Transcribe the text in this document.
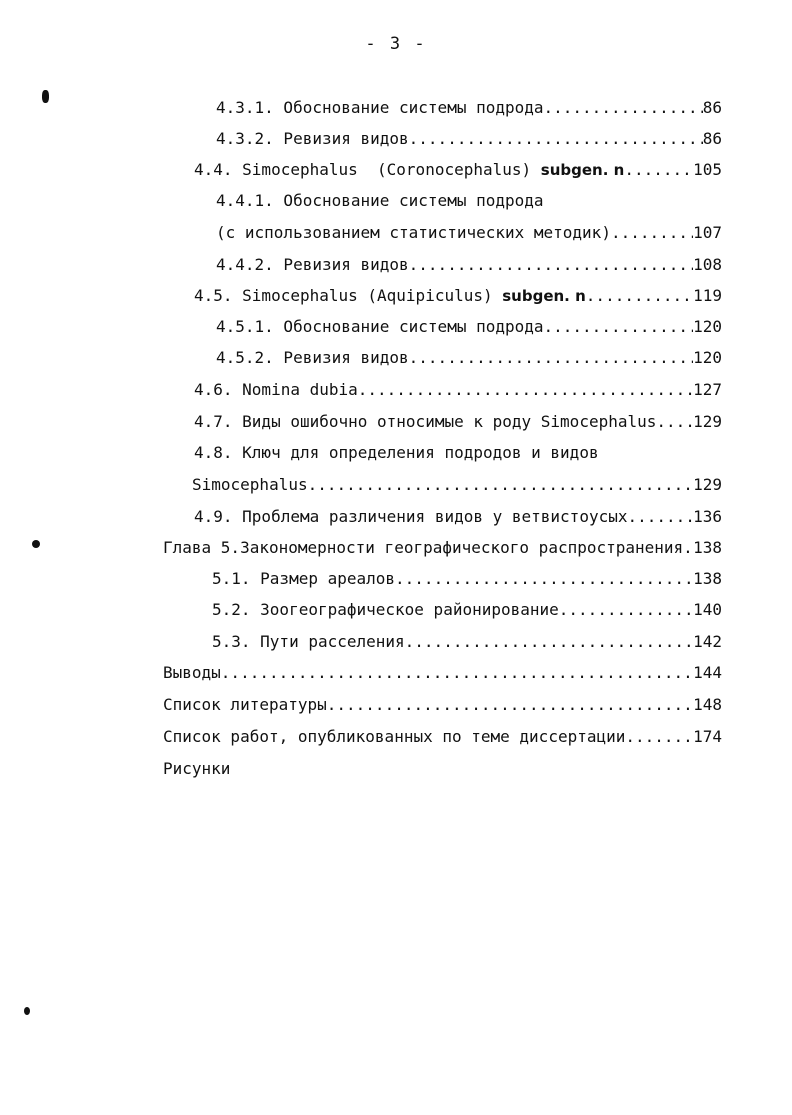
- 3 -
4.3.1. Обоснование системы подрода .....	86
4.3.2. Ревизия видов .....	86
4.4. Simocephalus  (Coronocephalus) subgen. n .....	105
4.4.1. Обоснование системы подрода
(с использованием статистических методик) .....	107
4.4.2. Ревизия видов .....	108
4.5. Simocephalus (Aquipiculus) subgen. n .....	119
4.5.1. Обоснование системы подрода .....	120
4.5.2. Ревизия видов .....	120
4.6. Nomina dubia .....	127
4.7. Виды ошибочно относимые к роду Simocephalus ..... 129
4.8. Ключ для определения подродов и видов
Simocephalus .....	129
4.9. Проблема различения видов у ветвистоусых .....	136
Глава 5.Закономерности географического распространения. ..... 138
5.1. Размер ареалов .....	138
5.2. Зоогеографическое районирование .....	140
5.3. Пути расселения .....	142
Выводы .....	144
Список литературы .....	148
Список работ, опубликованных по теме диссертации .....	174
Рисунки
